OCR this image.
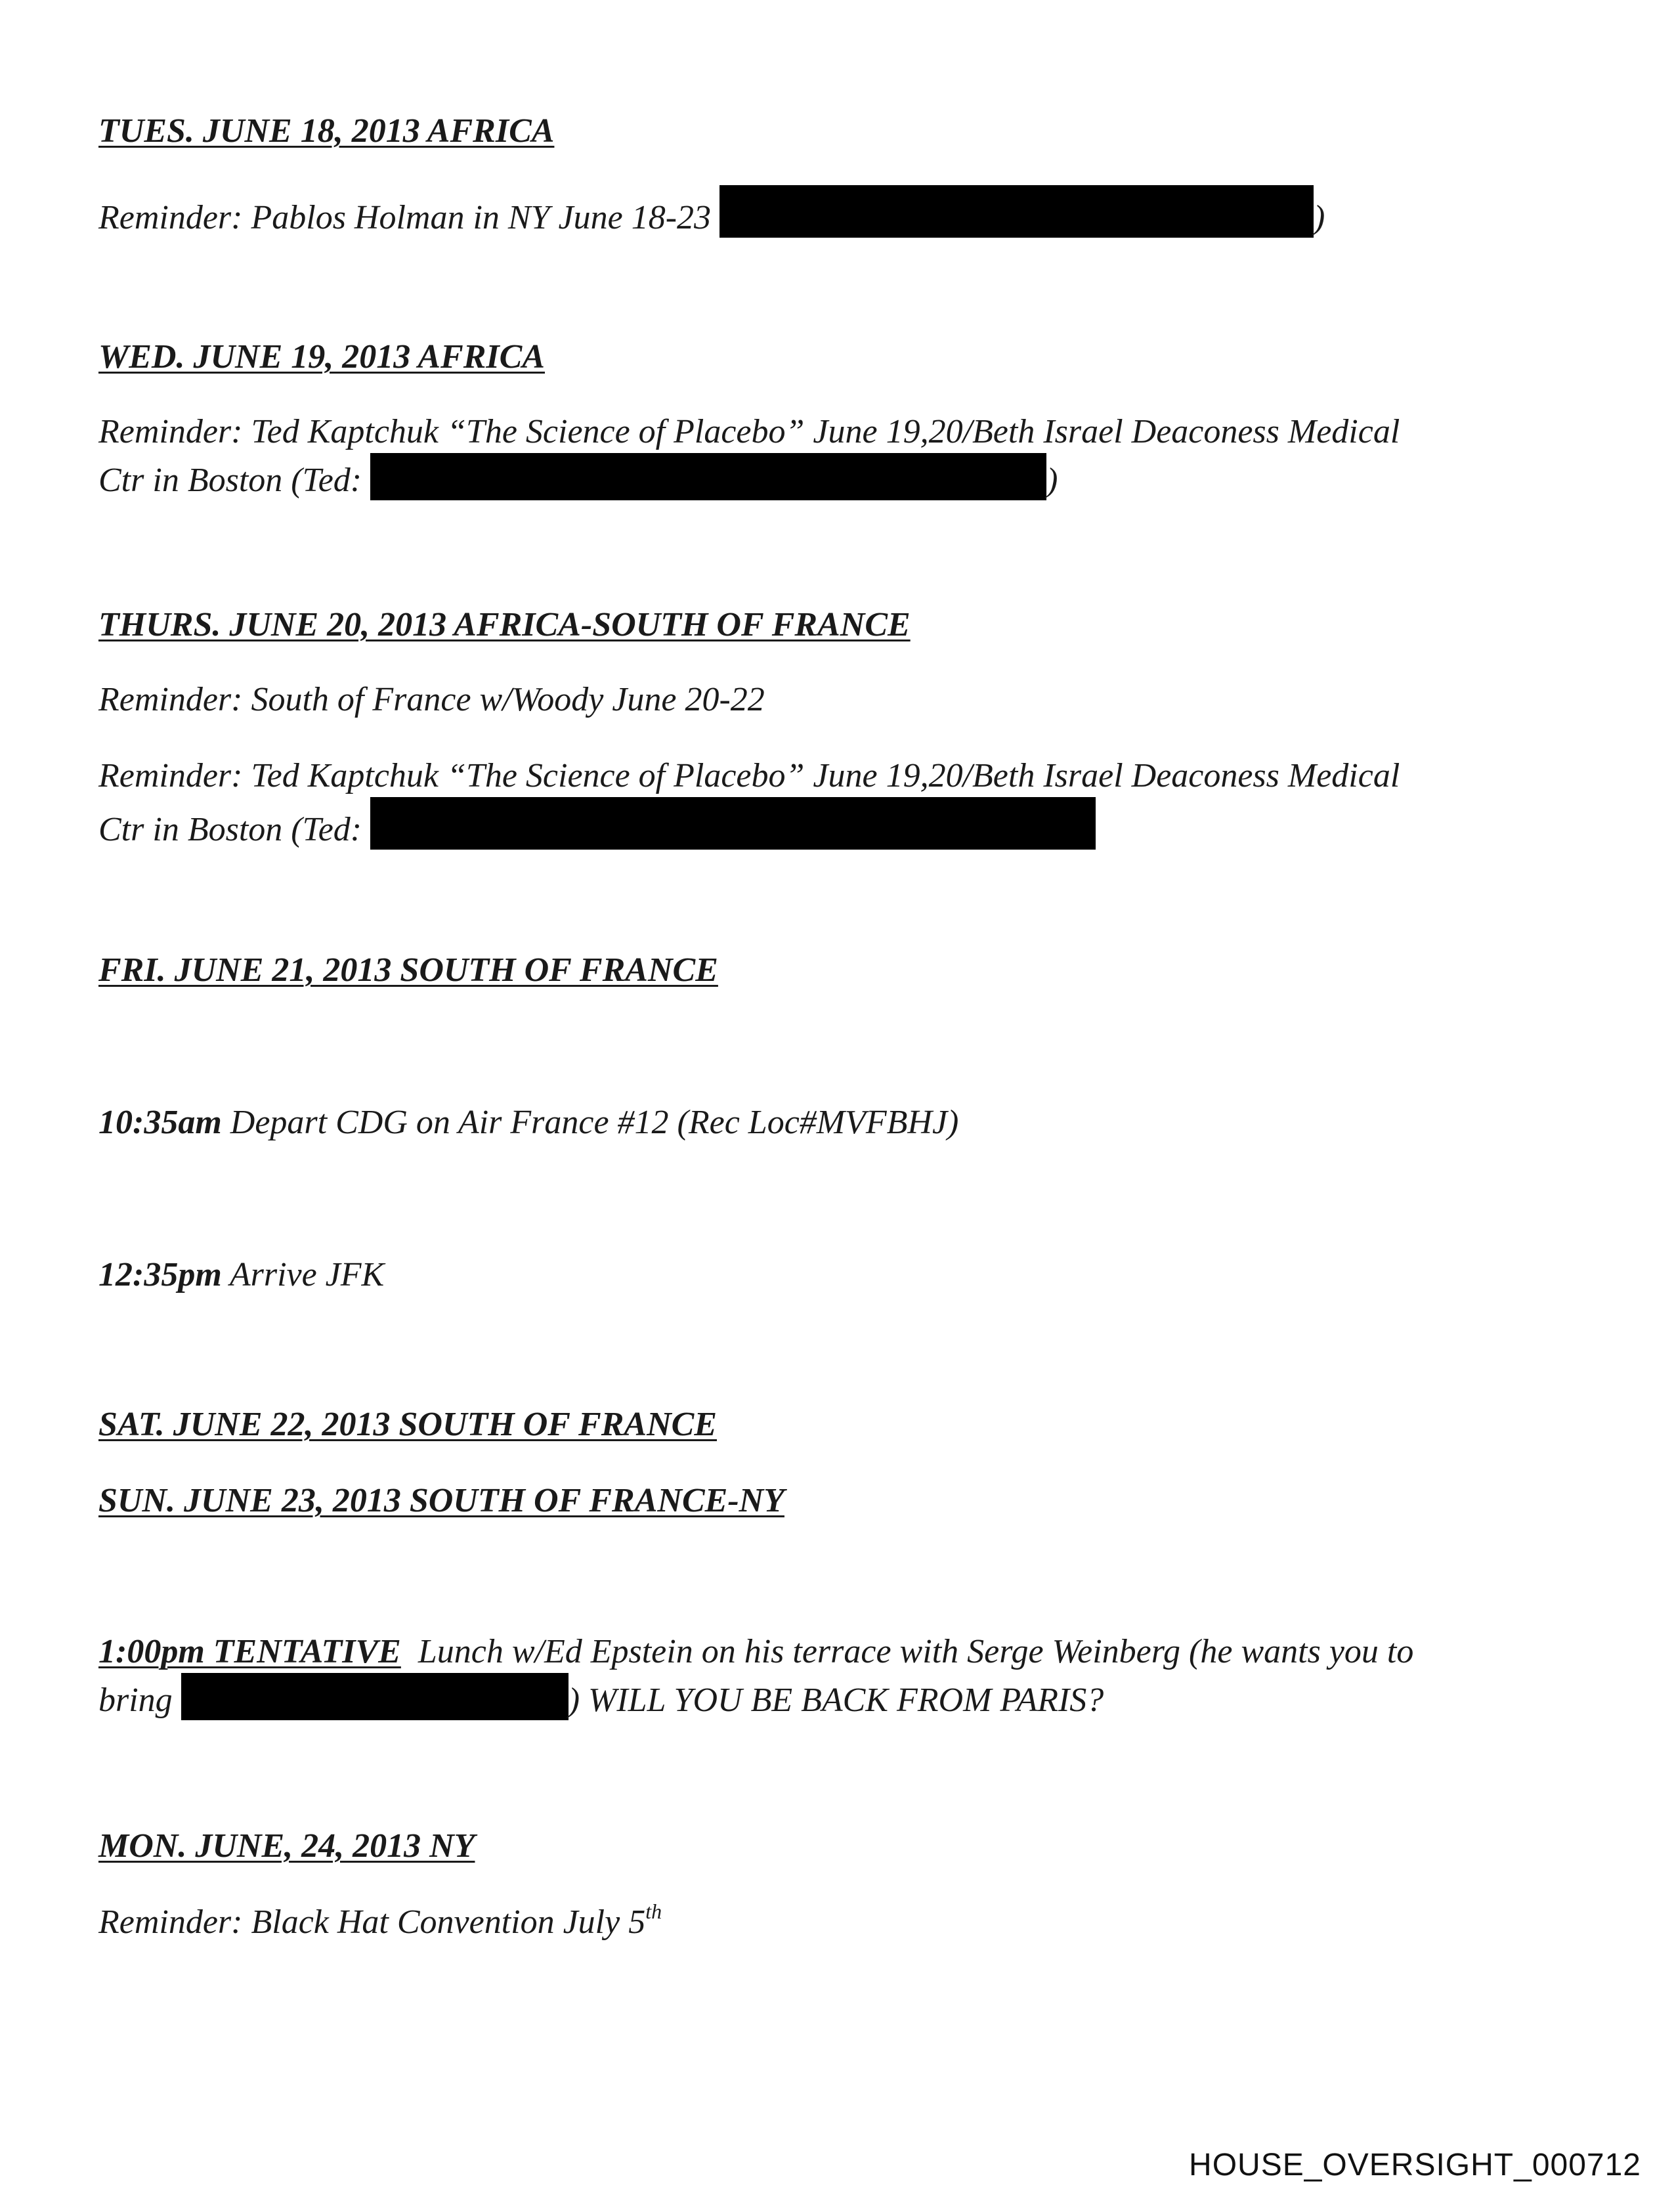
TUES. JUNE 18, 2013 AFRICA

Reminder: Pablos Holman in NY June 18-23	)

WED. JUNE 19, 2013 AFRICA

Reminder: Ted Kaptchuk “The Science of Placebo” June 19,20/Beth Israel Deaconess Medical

Ctr in Boston (Ted:	)

THURS. JUNE 20, 2013 AFRICA-SOUTH OF FRANCE

Reminder: South of France w/Woody June 20-22

Reminder: Ted Kaptchuk “The Science of Placebo” June 19,20/Beth Israel Deaconess Medical

Ctr in Boston (Ted:

FRI. JUNE 21, 2013 SOUTH OF FRANCE

10:35am Depart CDG on Air France #12 (Rec Loc#MVFBHJ)

12:35pm Arrive JFK

SAT. JUNE 22, 2013 SOUTH OF FRANCE

SUN. JUNE 23, 2013 SOUTH OF FRANCE-NY

1:00pm TENTATIVE Lunch w/Ed Epstein on his terrace with Serge Weinberg (he wants you to

bring	) WILL YOU BE BACK FROM PARIS?

MON. JUNE, 24, 2013 NY

Reminder: Black Hat Convention July 5th

HOUSE_OVERSIGHT_000712
